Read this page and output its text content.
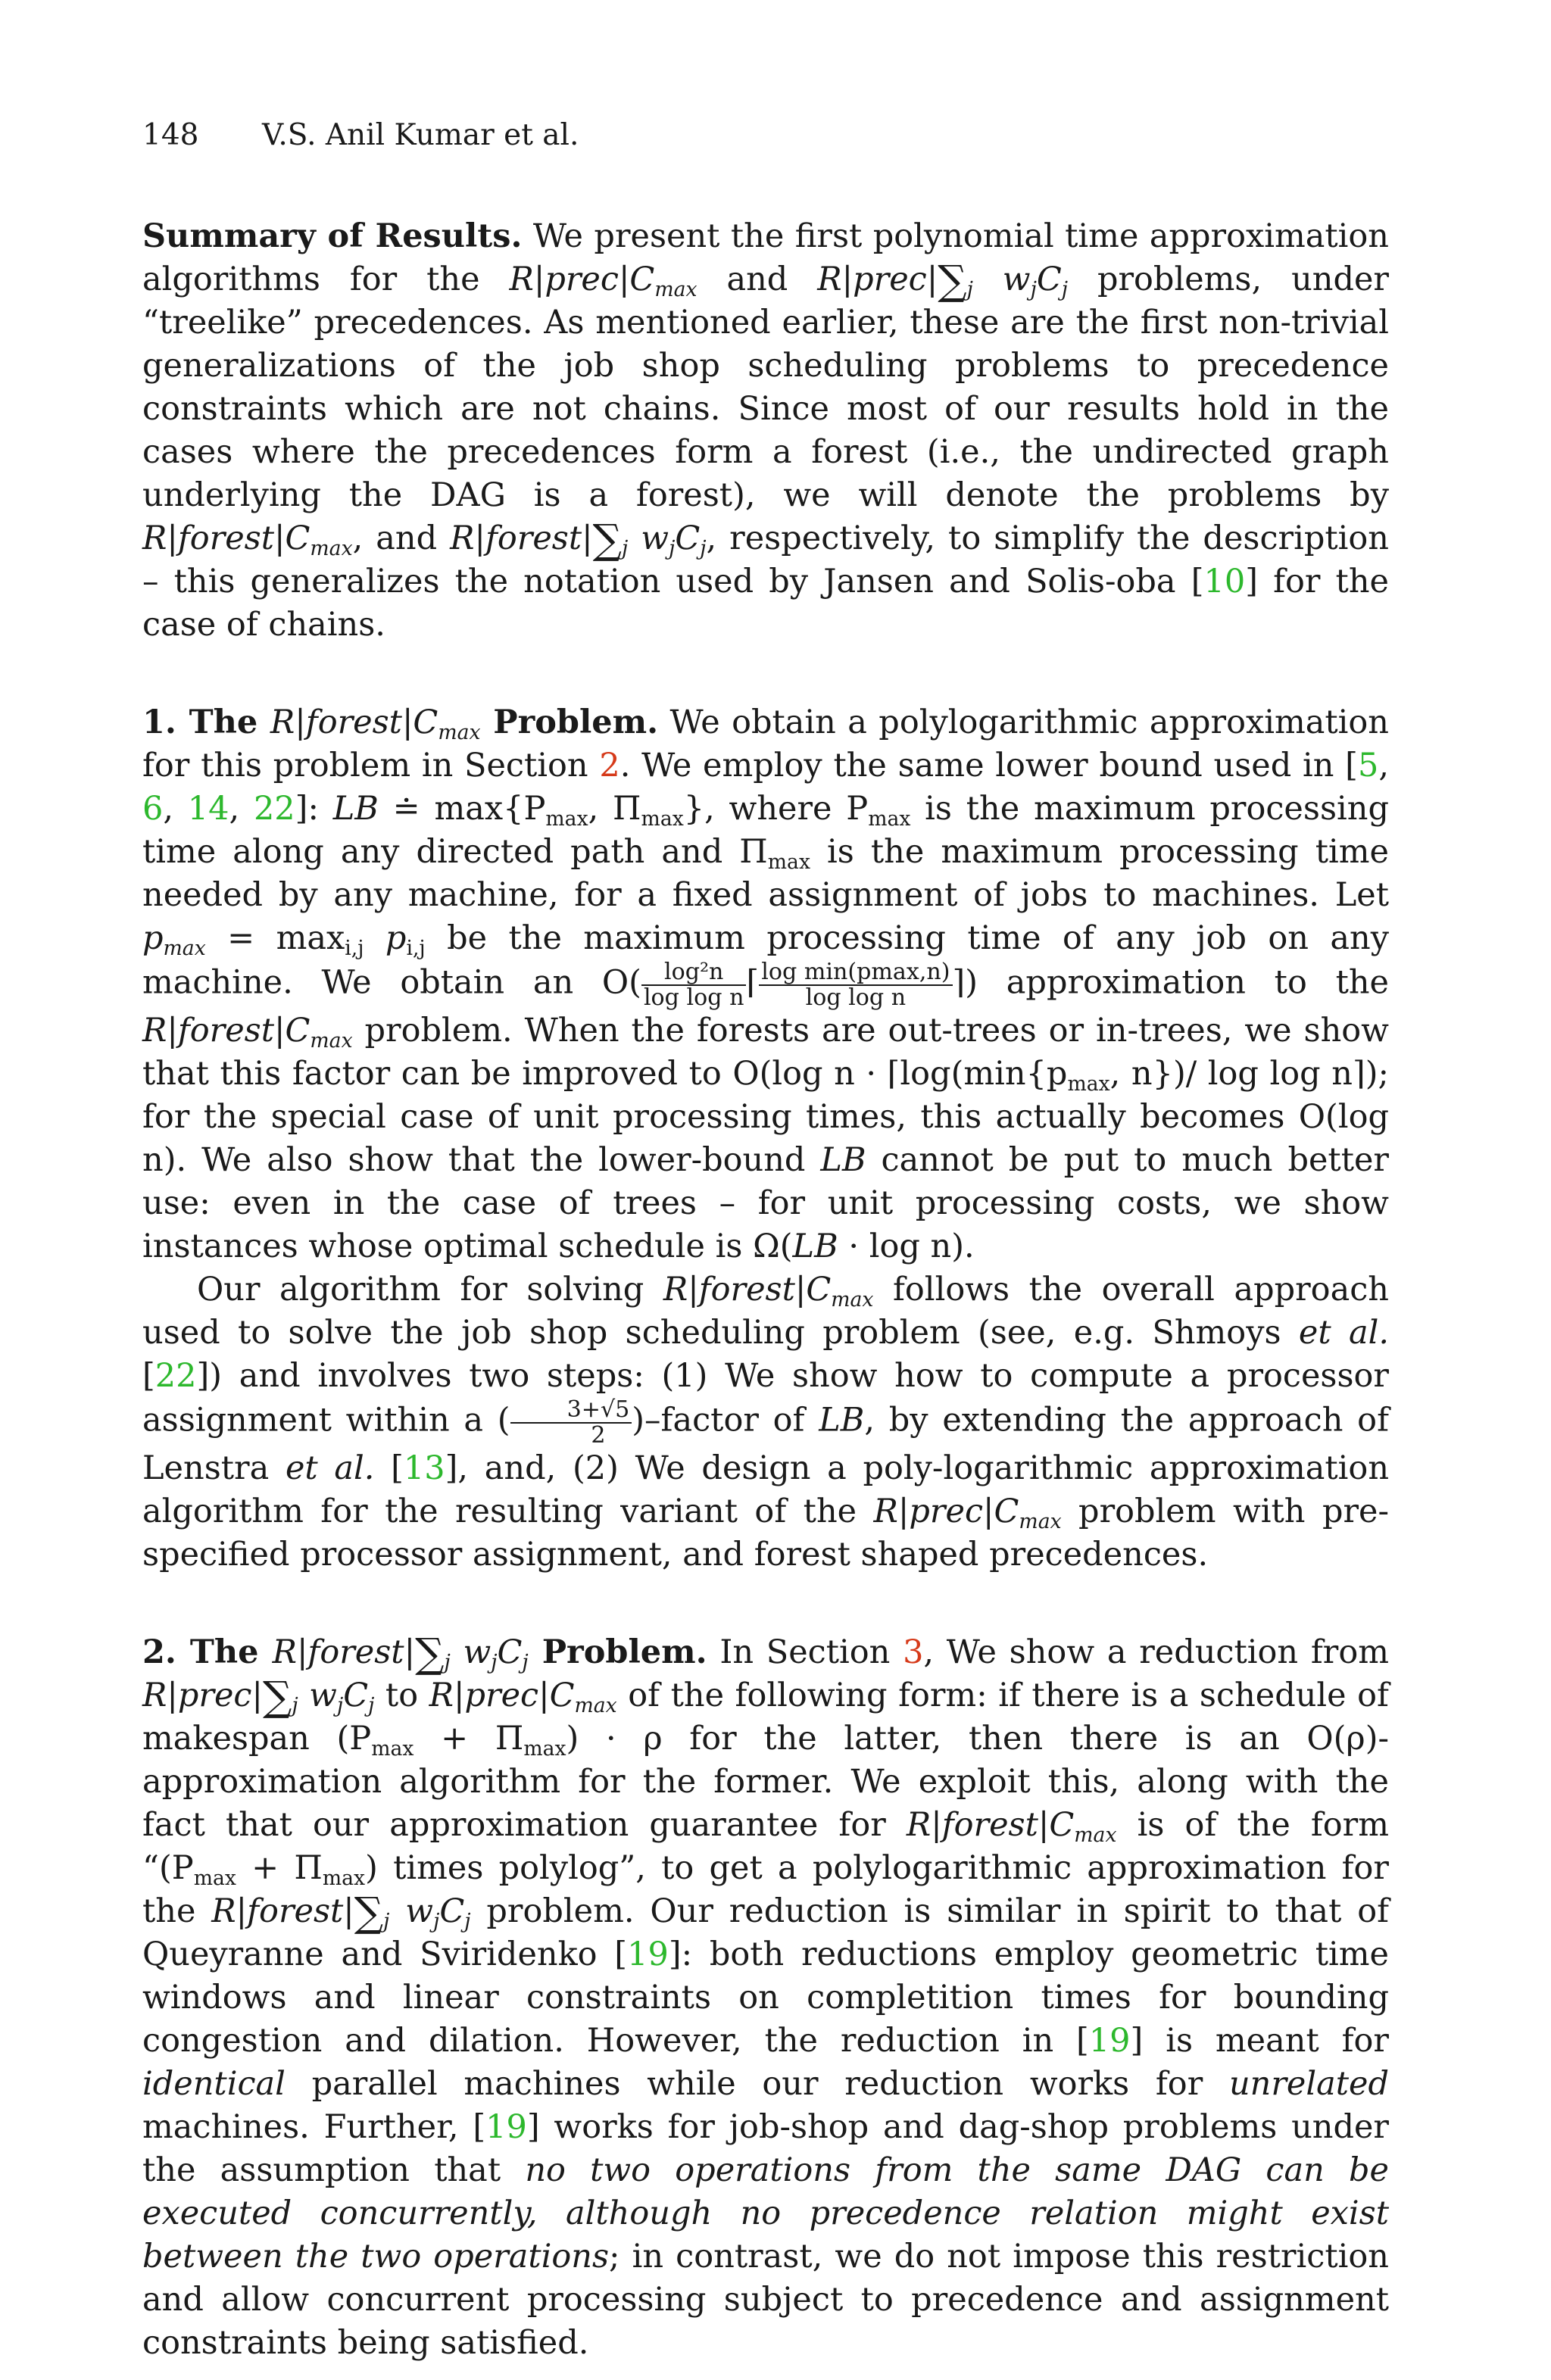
148 V.S. Anil Kumar et al.

Summary of Results. We present the first polynomial time approximation algorithms for the $R|prec|C_{max}$ and $R|prec|\sum_j$ $w_jC_j$ problems, under “treelike” precedences. As mentioned earlier, these are the first non-trivial generalizations of the job shop scheduling problems to precedence constraints which are not chains. Since most of our results hold in the cases where the precedences form a forest (i.e., the undirected graph underlying the DAG is a forest), we will denote the problems by $R|forest|C_{max}$, and $R|forest|\sum_j$ $w_jC_j$, respectively, to simplify the description – this generalizes the notation used by Jansen and Solis-oba [10] for the case of chains.

1. The $R|forest|C_{max}$ Problem. We obtain a polylogarithmic approximation for this problem in Section 2. We employ the same lower bound used in [5, 6, 14, 22]: LB ≐ $\max\{P_{max}$, $\Pi_{max}$}, where $P_{max}$ is the maximum processing time along any directed path and $\Pi_{max}$ is the maximum processing time needed by any machine, for a fixed assignment of jobs to machines. Let $p_{max} = \max_{i,j} p_{i,j}$ be the maximum processing time of any job on any machine. We obtain an $O( \frac{\text{log²n}}{\text{log log n}}$ ⌈ $\frac{\text{log min(pmax,n)}}{\text{log log n}}$ ⌉) approximation to the $R|forest|C_{max}$ problem. When the forests are out-trees or in-trees, we show that this factor can be improved to O(log $n \cdot ⌈\log(\min\{p_{max}$, n})/ log log n⌉); for the special case of unit processing times, this actually becomes O(log n). We also show that the lower-bound LB cannot be put to much better use: even in the case of trees – for unit processing costs, we show instances whose optimal schedule is Ω(LB · log n).

Our algorithm for solving $R|forest|C_{max}$ follows the overall approach used to solve the job shop scheduling problem (see, e.g. Shmoys et al. [22]) and involves two steps: (1) We show how to compute a processor assignment within a ( $\frac{3+√5}{2}$ )–factor of LB, by extending the approach of Lenstra et al. [13], and, (2) We design a poly-logarithmic approximation algorithm for the resulting variant of the $R|prec|C_{max}$ problem with pre-specified processor assignment, and forest shaped precedences.

2. The $R|forest|\sum_j$ $w_jC_j$ Problem. In Section 3, We show a reduction from $R|prec|\sum_j$ $w_jC_j$ to $R|prec|C_{max}$ of the following form: if there is a schedule of makespan $(P_{max} + \Pi_{max}) \cdot \rho$ for the latter, then there is an O(ρ)-approximation algorithm for the former. We exploit this, along with the fact that our approximation guarantee for $R|forest|C_{max}$ is of the form “$(P_{max} + \Pi_{max})$ times polylog”, to get a polylogarithmic approximation for the $R|forest|\sum_j$ $w_jC_j$ problem. Our reduction is similar in spirit to that of Queyranne and Sviridenko [19]: both reductions employ geometric time windows and linear constraints on completition times for bounding congestion and dilation. However, the reduction in [19] is meant for identical parallel machines while our reduction works for unrelated machines. Further, [19] works for job-shop and dag-shop problems under the assumption that no two operations from the same DAG can be executed concurrently, although no precedence relation might exist between the two operations; in contrast, we do not impose this restriction and allow concurrent processing subject to precedence and assignment constraints being satisfied.
